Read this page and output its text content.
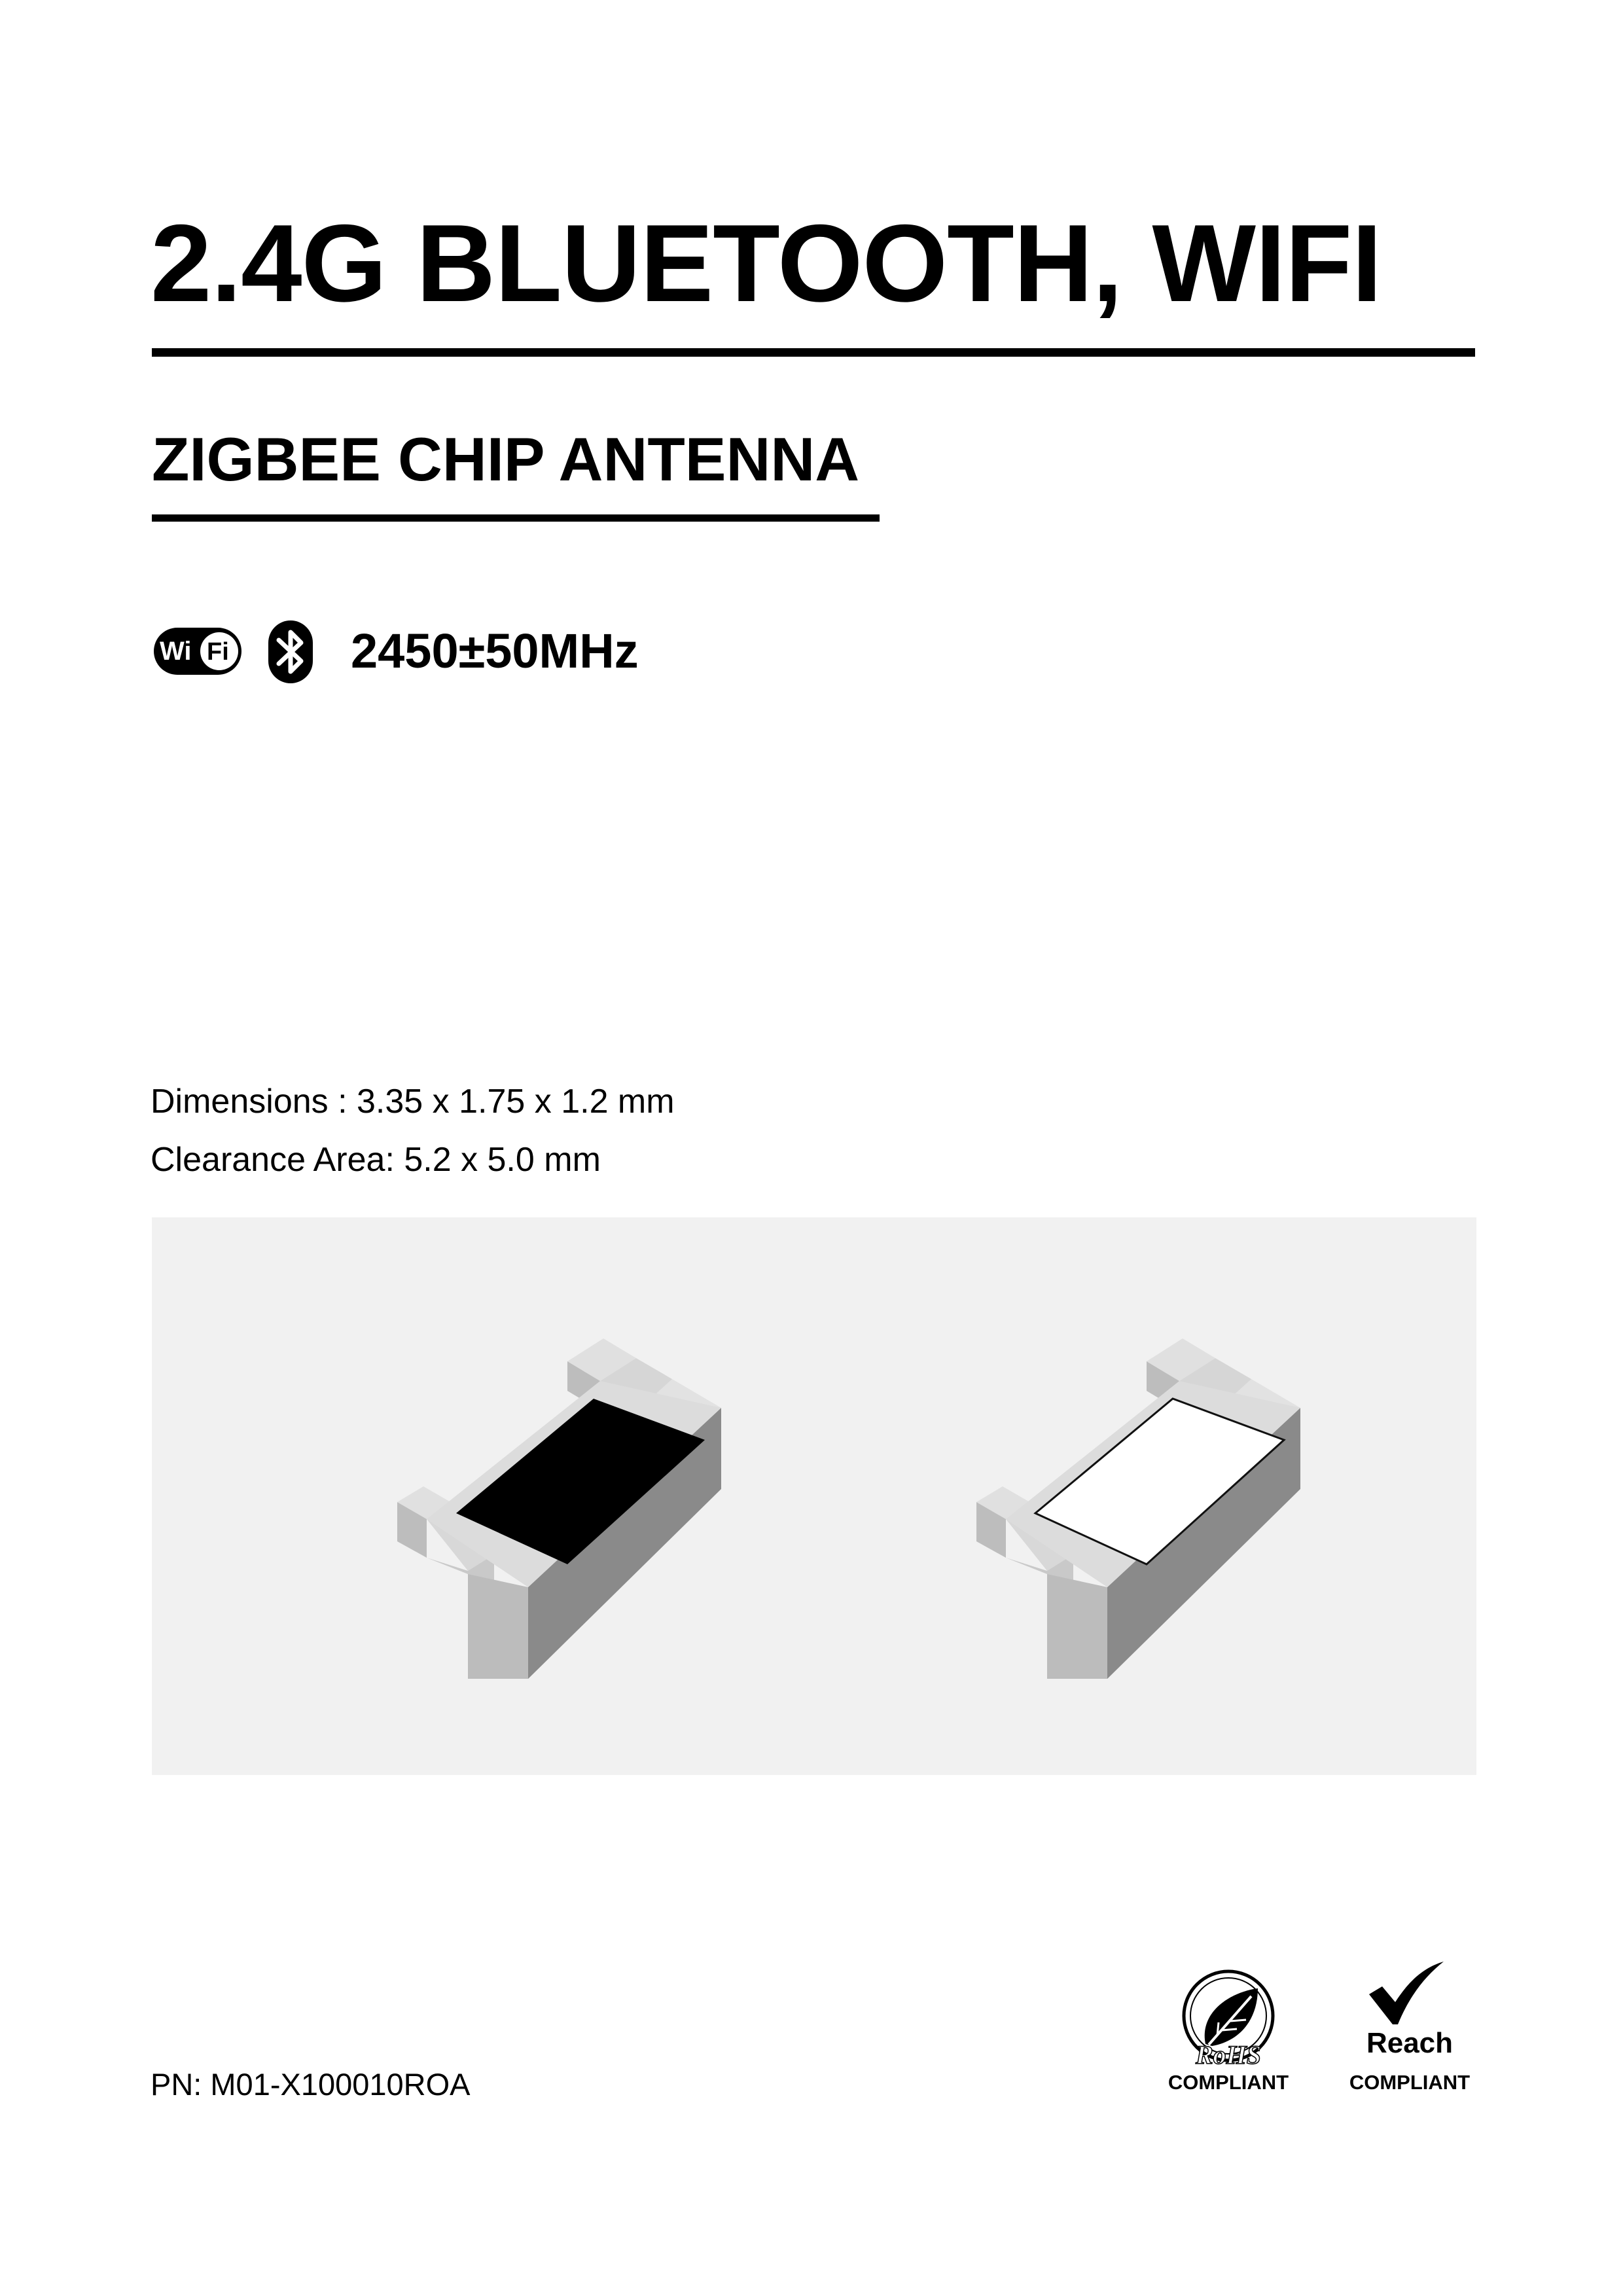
2.4G BLUETOOTH, WIFI
ZIGBEE CHIP ANTENNA
Wi Fi	2450±50MHz
Dimensions : 3.35 x 1.75 x 1.2 mm
Clearance Area: 5.2 x 5.0 mm
PN: M01-X100010ROA
RoHS
COMPLIANT
Reach
COMPLIANT
